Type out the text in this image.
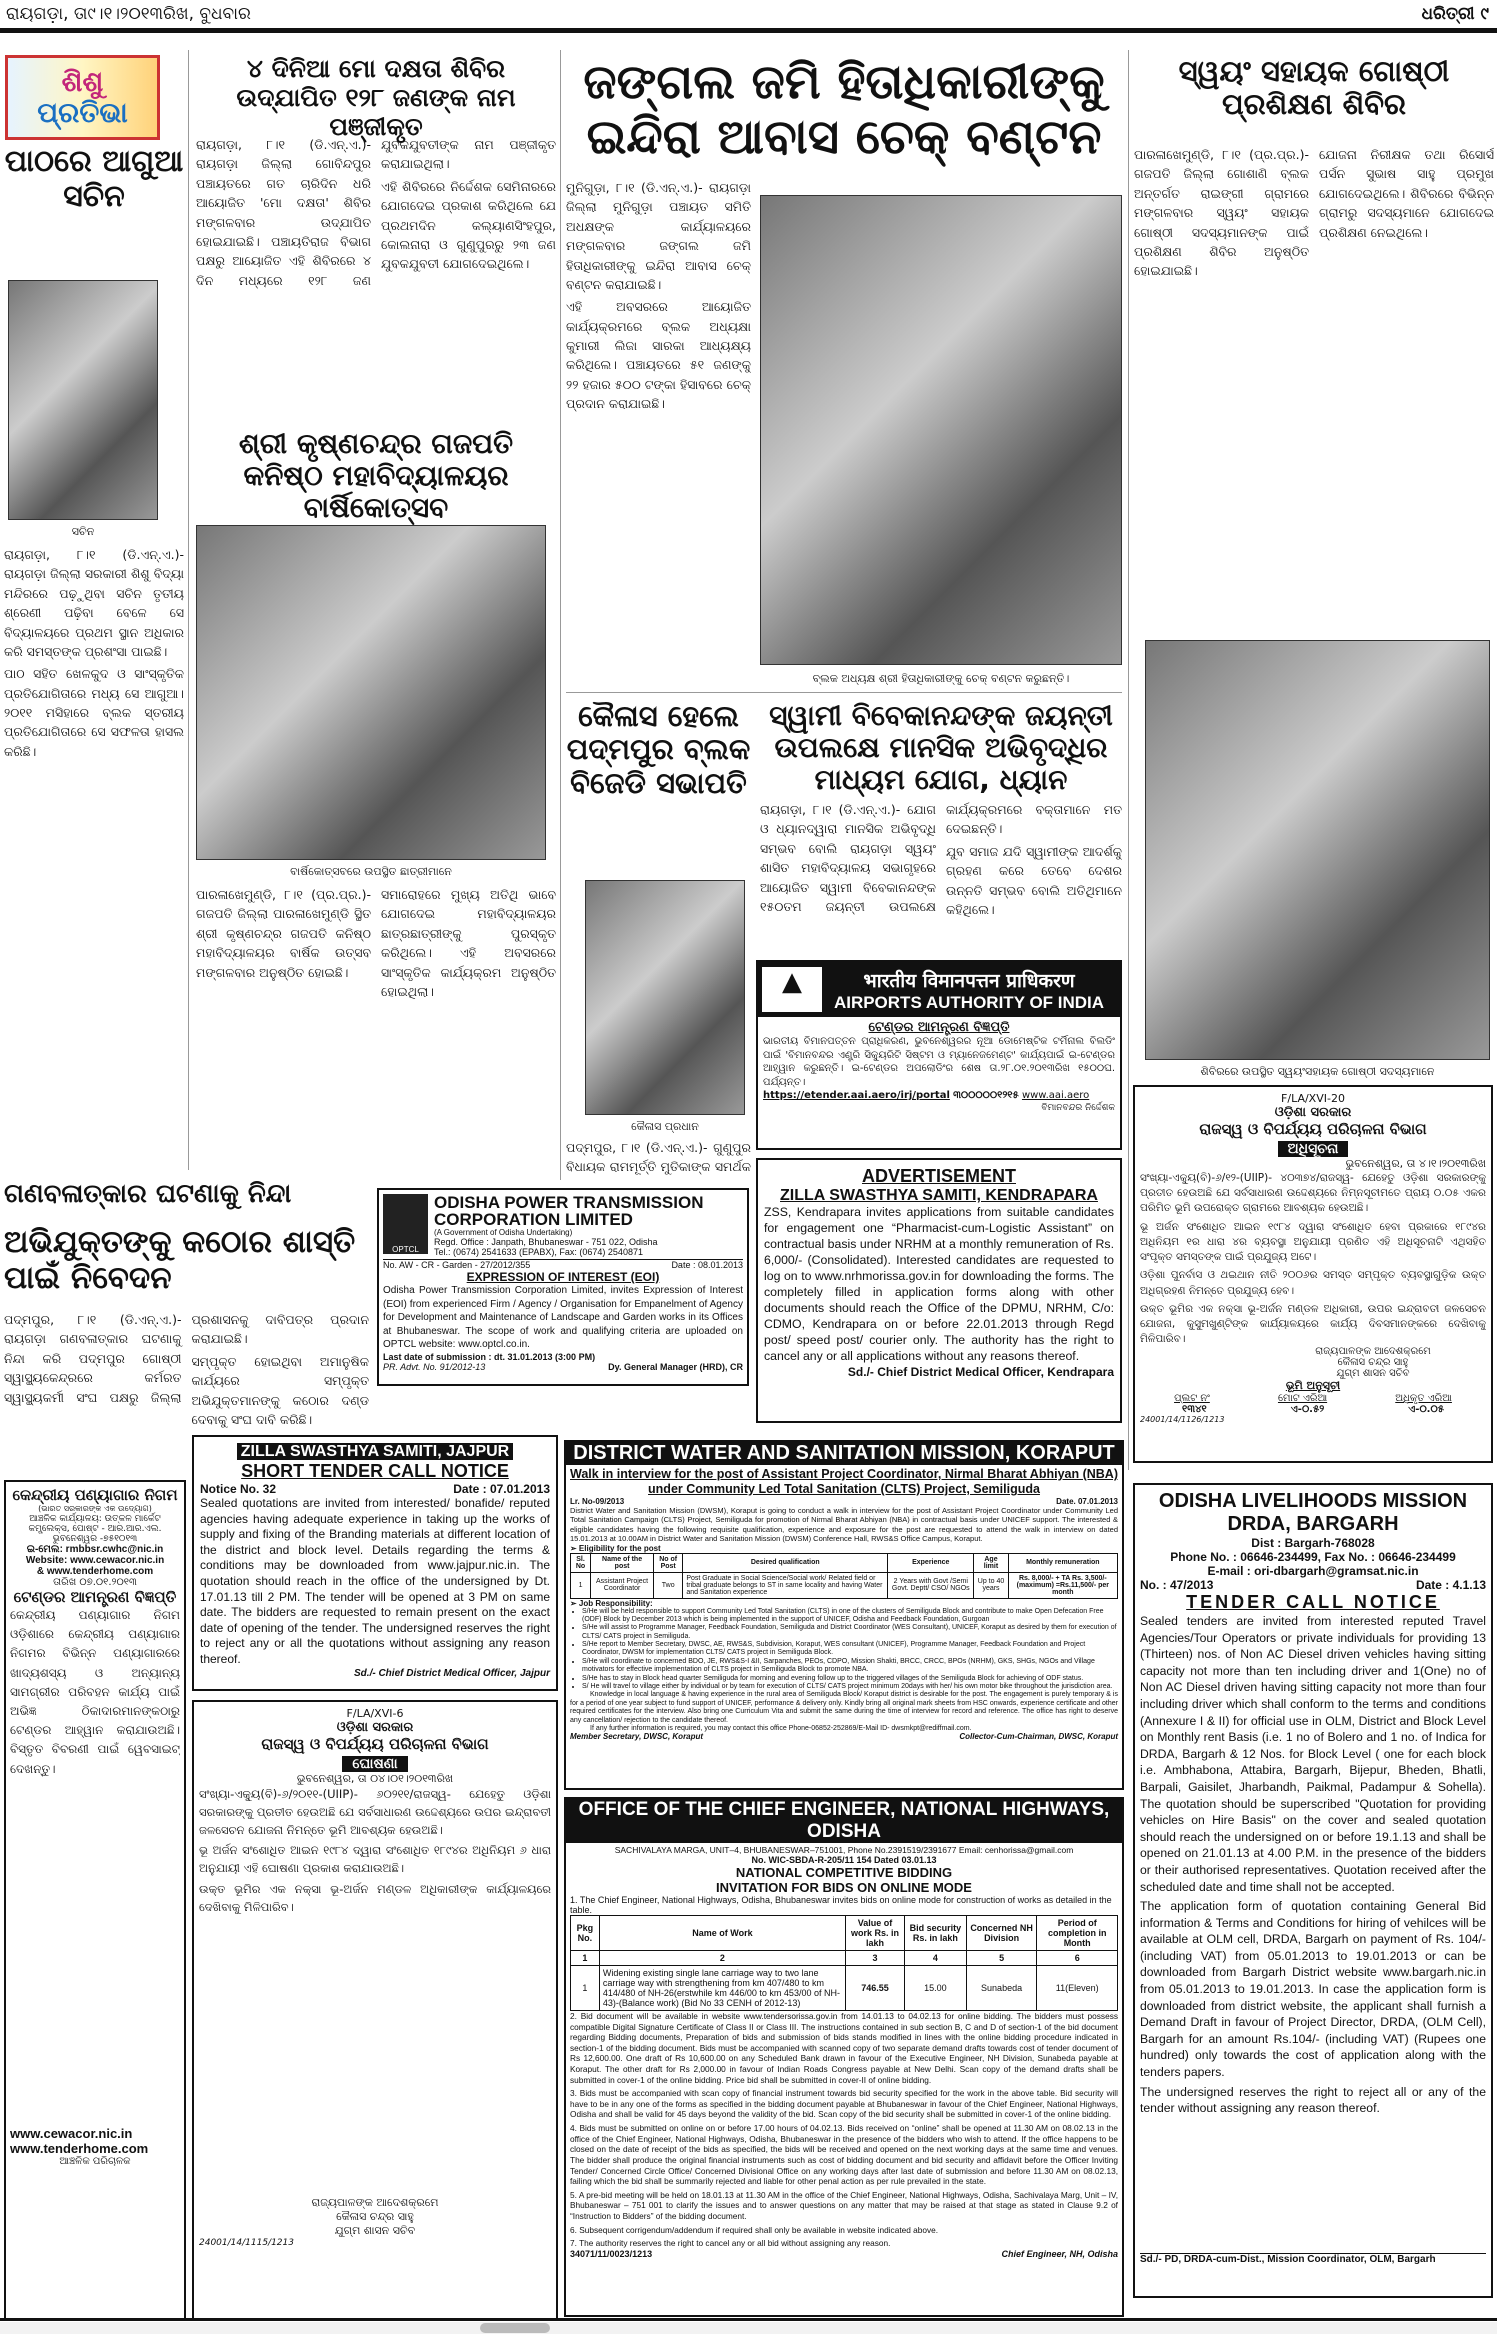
ରାୟଗଡ଼ା, ତା୯।୧।୨୦୧୩ରିଖ, ବୁଧବାର	ଧରିତ୍ରୀ ୯
ଶିଶୁ
ପ୍ରତିଭା
ପାଠରେ ଆଗୁଆ ସଚିନ
ସଚିନ

ରାୟଗଡ଼ା, ୮।୧ (ଡି.ଏନ୍.ଏ.)- ରାୟଗଡ଼ା ଜିଲ୍ଲା ସରକାରୀ ଶିଶୁ ବିଦ୍ୟା ମନ୍ଦିରରେ ପଢ଼ୁଥିବା ସଚିନ ତୃତୀୟ ଶ୍ରେଣୀ ପଢ଼ିବା ବେଳେ ସେ ବିଦ୍ୟାଳୟରେ ପ୍ରଥମ ସ୍ଥାନ ଅଧିକାର କରି ସମସ୍ତଙ୍କ ପ୍ରଶଂସା ପାଇଛି।

ପାଠ ସହିତ ଖେଳକୁଦ ଓ ସାଂସ୍କୃତିକ ପ୍ରତିଯୋଗିତାରେ ମଧ୍ୟ ସେ ଆଗୁଆ। ୨୦୧୧ ମସିହାରେ ବ୍ଲକ ସ୍ତରୀୟ ପ୍ରତିଯୋଗିତାରେ ସେ ସଫଳତା ହାସଲ କରିଛି।

୪ ଦିନିଆ ମୋ ଦକ୍ଷତା ଶିବିର ଉଦ୍‌ଯାପିତ ୧୨୮ ଜଣଙ୍କ ନାମ ପଞ୍ଜୀକୃତ

ରାୟଗଡ଼ା, ୮।୧ (ଡି.ଏନ୍.ଏ.)- ରାୟଗଡ଼ା ଜିଲ୍ଲା ଗୋବିନ୍ଦପୁର ପଞ୍ଚାୟତରେ ଗତ ଚାରିଦିନ ଧରି ଆୟୋଜିତ 'ମୋ ଦକ୍ଷତା' ଶିବିର ମଙ୍ଗଳବାର ଉଦ୍‌ଯାପିତ ହୋଇଯାଇଛି। ପଞ୍ଚାୟତିରାଜ ବିଭାଗ ପକ୍ଷରୁ ଆୟୋଜିତ ଏହି ଶିବିରରେ ୪ ଦିନ ମଧ୍ୟରେ ୧୨୮ ଜଣ ଯୁବକଯୁବତୀଙ୍କ ନାମ ପଞ୍ଜୀକୃତ କରାଯାଇଥିଲା।

ଏହି ଶିବିରରେ ନିର୍ଦ୍ଦେଶକ ସେମିନାରରେ ଯୋଗଦେଇ ପ୍ରକାଶ କରିଥିଲେ ଯେ ପ୍ରଥମଦିନ କଲ୍ୟାଣସିଂହପୁର, କୋଲନାରା ଓ ଗୁଣୁପୁରରୁ ୨୩ ଜଣ ଯୁବକଯୁବତୀ ଯୋଗଦେଇଥିଲେ।

ଶ୍ରୀ କୃଷ୍ଣଚନ୍ଦ୍ର ଗଜପତି କନିଷ୍ଠ ମହାବିଦ୍ୟାଳୟର ବାର୍ଷିକୋତ୍ସବ
ବାର୍ଷିକୋତ୍ସବରେ ଉପସ୍ଥିତ ଛାତ୍ରୀମାନେ

ପାରଳାଖେମୁଣ୍ଡି, ୮।୧ (ପ୍ର.ପ୍ର.)- ଗଜପତି ଜିଲ୍ଲା ପାରଳାଖେମୁଣ୍ଡି ସ୍ଥିତ ଶ୍ରୀ କୃଷ୍ଣଚନ୍ଦ୍ର ଗଜପତି କନିଷ୍ଠ ମହାବିଦ୍ୟାଳୟର ବାର୍ଷିକ ଉତ୍ସବ ମଙ୍ଗଳବାର ଅନୁଷ୍ଠିତ ହୋଇଛି।

ସମାରୋହରେ ମୁଖ୍ୟ ଅତିଥି ଭାବେ ଯୋଗଦେଇ ମହାବିଦ୍ୟାଳୟର ଛାତ୍ରଛାତ୍ରୀଙ୍କୁ ପୁରସ୍କୃତ କରିଥିଲେ। ଏହି ଅବସରରେ ସାଂସ୍କୃତିକ କାର୍ଯ୍ୟକ୍ରମ ଅନୁଷ୍ଠିତ ହୋଇଥିଲା।

ଜଙ୍ଗଲ ଜମି ହିତାଧିକାରୀଙ୍କୁ ଇନ୍ଦିରା ଆବାସ ଚେକ୍ ବଣ୍ଟନ

ମୁନିଗୁଡ଼ା, ୮।୧ (ଡି.ଏନ୍.ଏ.)- ରାୟଗଡ଼ା ଜିଲ୍ଲା ମୁନିଗୁଡ଼ା ପଞ୍ଚାୟତ ସମିତି ଅଧକ୍ଷଙ୍କ କାର୍ଯ୍ୟାଳୟରେ ମଙ୍ଗଳବାର ଜଙ୍ଗଲ ଜମି ହିତାଧିକାରୀଙ୍କୁ ଇନ୍ଦିରା ଆବାସ ଚେକ୍ ବଣ୍ଟନ କରାଯାଇଛି।

ଏହି ଅବସରରେ ଆୟୋଜିତ କାର୍ଯ୍ୟକ୍ରମରେ ବ୍ଲକ ଅଧ୍ୟକ୍ଷା କୁମାରୀ ଲିଜା ସାରକା ଆଧ୍ୟକ୍ଷ୍ୟ କରିଥିଲେ। ପଞ୍ଚାୟତରେ ୫୧ ଜଣଙ୍କୁ ୨୨ ହଜାର ୫୦୦ ଟଙ୍କା ହିସାବରେ ଚେକ୍ ପ୍ରଦାନ କରାଯାଇଛି।

ବ୍ଲକ ଅଧ୍ୟକ୍ଷ ଶ୍ରୀ ହିତାଧିକାରୀଙ୍କୁ ଚେକ୍ ବଣ୍ଟନ କରୁଛନ୍ତି।
କୈଳାସ ହେଲେ ପଦ୍ମପୁର ବ୍ଲକ ବିଜେଡି ସଭାପତି
ସ୍ୱାମୀ ବିବେକାନନ୍ଦଙ୍କ ଜୟନ୍ତୀ ଉପଲକ୍ଷେ ମାନସିକ ଅଭିବୃଦ୍ଧିର ମାଧ୍ୟମ ଯୋଗ, ଧ୍ୟାନ
କୈଳାସ ପ୍ରଧାନ

ପଦ୍ମପୁର, ୮।୧ (ଡି.ଏନ୍.ଏ.)- ଗୁଣୁପୁର ବିଧାୟକ ରାମମୂର୍ତ୍ତି ମୁତିକାଙ୍କ ସମର୍ଥକ

ରାୟଗଡ଼ା, ୮।୧ (ଡି.ଏନ୍.ଏ.)- ଯୋଗ ଓ ଧ୍ୟାନଦ୍ୱାରା ମାନସିକ ଅଭିବୃଦ୍ଧି ସମ୍ଭବ ବୋଲି ରାୟଗଡ଼ା ସ୍ୱୟଂ ଶାସିତ ମହାବିଦ୍ୟାଳୟ ସଭାଗୃହରେ ଆୟୋଜିତ ସ୍ୱାମୀ ବିବେକାନନ୍ଦଙ୍କ ୧୫୦ତମ ଜୟନ୍ତୀ ଉପଲକ୍ଷେ କାର୍ଯ୍ୟକ୍ରମରେ ବକ୍ତାମାନେ ମତ ଦେଇଛନ୍ତି।

ଯୁବ ସମାଜ ଯଦି ସ୍ୱାମୀଙ୍କ ଆଦର୍ଶକୁ ଗ୍ରହଣ କରେ ତେବେ ଦେଶର ଉନ୍ନତି ସମ୍ଭବ ବୋଲି ଅତିଥିମାନେ କହିଥିଲେ।

▲	भारतीय विमानपत्तन प्राधिकरण
AIRPORTS AUTHORITY OF INDIA
ଟେଣ୍ଡର ଆମନ୍ତ୍ରଣ ବିଜ୍ଞପ୍ତି
ଭାରତୀୟ ବିମାନପତ୍ତନ ପ୍ରାଧିକରଣ, ଭୁବନେଶ୍ୱରର ନୂଆ ଡୋମେଷ୍ଟିକ ଟର୍ମିନାଲ ବିଲଡିଂ ପାଇଁ 'ବିମାନବନ୍ଦର ଏଣ୍ଟ୍ରି ସିକ୍ୟୁରିଟି ସିଷ୍ଟମ ଓ ମ୍ୟାନେଜମେଣ୍ଟ' କାର୍ଯ୍ୟପାଇଁ ଇ-ଟେଣ୍ଡର ଆହ୍ୱାନ କରୁଛନ୍ତି। ଇ-ଟେଣ୍ଡର ଅପଲୋଡିଂର ଶେଷ ତା.୨୮.୦୧.୨୦୧୩ରିଖ ୧୫୦୦ଘ. ପର୍ଯ୍ୟନ୍ତ।
https://etender.aai.aero/irj/portal ୩୦୦୦୦୦୧୨୧୫ www.aai.aero
ବିମାନବନ୍ଦର ନିର୍ଦ୍ଦେଶକ
ADVERTISEMENT
ZILLA SWASTHYA SAMITI, KENDRAPARA
ZSS, Kendrapara invites applications from suitable candidates for engagement one “Pharmacist-cum-Logistic Assistant” on contractual basis under NRHM at a monthly remuneration of Rs. 6,000/- (Consolidated). Interested candidates are requested to log on to www.nrhmorissa.gov.in for downloading the forms. The completely filled in application forms along with other documents should reach the Office of the DPMU, NRHM, C/o: CDMO, Kendrapara on or before 22.01.2013 through Regd post/ speed post/ courier only. The authority has the right to cancel any or all applications without any reasons thereof.
Sd./- Chief District Medical Officer, Kendrapara
ଗଣବଳାତ୍କାର ଘଟଣାକୁ ନିନ୍ଦା
ଅଭିଯୁକ୍ତଙ୍କୁ କଠୋର ଶାସ୍ତି ପାଇଁ ନିବେଦନ

ପଦ୍ମପୁର, ୮।୧ (ଡି.ଏନ୍.ଏ.)- ରାୟଗଡ଼ା ଗଣବଳାତ୍କାର ଘଟଣାକୁ ନିନ୍ଦା କରି ପଦ୍ମପୁର ଗୋଷ୍ଠୀ ସ୍ୱାସ୍ଥ୍ୟକେନ୍ଦ୍ରରେ କର୍ମରତ ସ୍ୱାସ୍ଥ୍ୟକର୍ମୀ ସଂଘ ପକ୍ଷରୁ ଜିଲ୍ଲା ପ୍ରଶାସନକୁ ଦାବିପତ୍ର ପ୍ରଦାନ କରାଯାଇଛି।

ସମ୍ପୃକ୍ତ ହୋଇଥିବା ଅମାନୁଷିକ କାର୍ଯ୍ୟରେ ସମ୍ପୃକ୍ତ ଅଭିଯୁକ୍ତମାନଙ୍କୁ କଠୋର ଦଣ୍ଡ ଦେବାକୁ ସଂଘ ଦାବି କରିଛି।

OPTCL
ODISHA POWER TRANSMISSION
CORPORATION LIMITED
(A Government of Odisha Undertaking)
Regd. Office : Janpath, Bhubaneswar - 751 022, Odisha
Tel.: (0674) 2541633 (EPABX), Fax: (0674) 2540871
No. AW - CR - Garden - 27/2012/355	Date : 08.01.2013
EXPRESSION OF INTEREST (EOI)
Odisha Power Transmission Corporation Limited, invites Expression of Interest (EOI) from experienced Firm / Agency / Organisation for Empanelment of Agency for Development and Maintenance of Landscape and Garden works in its Offices at Bhubaneswar. The scope of work and qualifying criteria are uploaded on OPTCL website: www.optcl.co.in.
Last date of submission : dt. 31.01.2013 (3:00 PM)
PR. Advt. No. 91/2012-13	Dy. General Manager (HRD), CR
ZILLA SWASTHYA SAMITI, JAJPUR
SHORT TENDER CALL NOTICE
Notice No. 32	Date : 07.01.2013
Sealed quotations are invited from interested/ bonafide/ reputed agencies having adequate experience in taking up the works of supply and fixing of the Branding materials at different location of the district and block level. Details regarding the terms & conditions may be downloaded from www.jajpur.nic.in. The quotation should reach in the office of the undersigned by Dt. 17.01.13 till 2 PM. The tender will be opened at 3 PM on same date. The bidders are requested to remain present on the exact date of opening of the tender. The undersigned reserves the right to reject any or all the quotations without assigning any reason thereof.
Sd./- Chief District Medical Officer, Jajpur
କେନ୍ଦ୍ରୀୟ ପଣ୍ୟାଗାର ନିଗମ
(ଭାରତ ସରକାରଙ୍କ ଏକ ଉଦ୍ୟୋଗ)
ଆଞ୍ଚଳିକ କାର୍ଯ୍ୟାଳୟ: ଉତ୍କଳ ମାର୍କେଟ କମ୍ପ୍ଲେକ୍ସ, ପୋଷ୍ଟ - ଆର.ଆର.ଏଲ. ଭୁବନେଶ୍ୱର -୭୫୧୦୧୩
ଇ-ମେଲ: rmbbsr.cwhc@nic.in
Website: www.cewacor.nic.in
& www.tenderhome.com
ତାରିଖ ୦୭.୦୧.୨୦୧୩
ଟେଣ୍ଡର ଆମନ୍ତ୍ରଣ ବିଜ୍ଞପ୍ତି
କେନ୍ଦ୍ରୀୟ ପଣ୍ୟାଗାର ନିଗମ ଓଡ଼ିଶାରେ କେନ୍ଦ୍ରୀୟ ପଣ୍ୟାଗାର ନିଗମର ବିଭିନ୍ନ ପଣ୍ୟାଗାରରେ ଖାଦ୍ୟଶସ୍ୟ ଓ ଅନ୍ୟାନ୍ୟ ସାମଗ୍ରୀର ପରିବହନ କାର୍ଯ୍ୟ ପାଇଁ ଅଭିଜ୍ଞ ଠିକାଦାରମାନଙ୍କଠାରୁ ଟେଣ୍ଡର ଆହ୍ୱାନ କରାଯାଉଅଛି। ବିସ୍ତୃତ ବିବରଣୀ ପାଇଁ ୱେବସାଇଟ୍ ଦେଖନ୍ତୁ।
www.cewacor.nic.in
www.tenderhome.com
ଆଞ୍ଚଳିକ ପରିଚାଳକ
F/LA/XVI-6
ଓଡ଼ିଶା ସରକାର
ରାଜସ୍ୱ ଓ ବିପର୍ଯ୍ୟୟ ପରିଚାଳନା ବିଭାଗ
ଘୋଷଣା
ଭୁବନେଶ୍ୱର, ତା ୦୪।୦୧।୨୦୧୩ରିଖ

ସଂଖ୍ୟା-ଏକ୍ୟୁ(ବି)-୬/୨୦୧୧-(UIIP)- ୬୦୨୧୧/ରାଜସ୍ୱ- ଯେହେତୁ ଓଡ଼ିଶା ସରକାରଙ୍କୁ ପ୍ରତୀତ ହେଉଅଛି ଯେ ସର୍ବସାଧାରଣ ଉଦ୍ଦେଶ୍ୟରେ ଉପର ଇନ୍ଦ୍ରାବତୀ ଜଳସେଚନ ଯୋଜନା ନିମନ୍ତେ ଭୂମି ଆବଶ୍ୟକ ହେଉଅଛି।

ଭୂ ଅର୍ଜନ ସଂଶୋଧିତ ଆଇନ ୧୯୮୪ ଦ୍ୱାରା ସଂଶୋଧିତ ୧୮୯୪ର ଅଧିନିୟମ ୬ ଧାରା ଅନୁଯାୟୀ ଏହି ଘୋଷଣା ପ୍ରକାଶ କରାଯାଉଅଛି।

ଉକ୍ତ ଭୂମିର ଏକ ନକ୍ସା ଭୂ-ଅର୍ଜନ ମଣ୍ଡଳ ଅଧିକାରୀଙ୍କ କାର୍ଯ୍ୟାଳୟରେ ଦେଖିବାକୁ ମିଳିପାରିବ।

ରାଜ୍ୟପାଳଙ୍କ ଆଦେଶକ୍ରମେ
କୈଳାସ ଚନ୍ଦ୍ର ସାହୁ
ଯୁଗ୍ମ ଶାସନ ସଚିବ
24001/14/1115/1213
DISTRICT WATER AND SANITATION MISSION, KORAPUT
Walk in interview for the post of Assistant Project Coordinator, Nirmal Bharat Abhiyan (NBA) under Community Led Total Sanitation (CLTS) Project, Semiliguda
Lr. No-09/2013	Date. 07.01.2013
District Water and Sanitation Mission (DWSM), Koraput is going to conduct a walk in interview for the post of Assistant Project Coordinator under Community Led Total Sanitation Campaign (CLTS) Project, Semiliguda for promotion of Nirmal Bharat Abhiyan (NBA) in contractual basis under UNICEF support. The interested & eligible candidates having the following requisite qualification, experience and exposure for the post are requested to attend the walk in interview on dated 15.01.2013 at 10.00AM in District Water and Sanitation Mission (DWSM) Conference Hall, RWS&S Office Campus, Koraput.
➢ Eligibility for the post
Sl. No	Name of the post	No of Post	Desired qualification	Experience	Age limit	Monthly remuneration
1	Assistant Project Coordinator	Two	Post Graduate in Social Science/Social work/ Related field or tribal graduate belongs to ST in same locality and having Water and Sanitation experience	2 Years with Govt /Semi Govt. Deptt/ CSO/ NGOs	Up to 40 years	Rs. 8,000/- + TA Rs. 3,500/- (maximum) =Rs.11,500/- per month
➢ Job Responsibility:
• S/He will be held responsible to support Community Led Total Sanitation (CLTS) in one of the clusters of Semiliguda Block and contribute to make Open Defecation Free (ODF) Block by December 2013 which is being implemented in the support of UNICEF, Odisha and Feedback Foundation, Gurgoan
• S/He will assist to Programme Manager, Feedback Foundation, Semiliguda and District Coordinator (WES Consultant), UNICEF, Koraput as desired by them for execution of CLTS/ CATS project in Semiliguda.
• S/He report to Member Secretary, DWSC, AE, RWS&S, Subdivision, Koraput, WES consultant (UNICEF), Programme Manager, Feedback Foundation and Project Coordinator, DWSM for implementation CLTS/ CATS project in Semiliguda Block.
• S/He will coordinate to concerned BDO, JE, RWS&S-I &II, Sarpanches, PEOs, CDPO, Mission Shakti, BRCC, CRCC, BPOs (NRHM), GKS, SHGs, NGOs and Village motivators for effective implementation of CLTS project in Semiliguda Block to promote NBA.
• S/He has to stay in Block head quarter Semiliguda for morning and evening follow up to the triggered villages of the Semiliguda Block for achieving of ODF status.
• S/ He will travel to village either by individual or by team for execution of CLTS/ CATS project minimum 20days with her/ his own motor bike throughout the jurisdiction area.
Knowledge in local language & having experience in the rural area of Semiliguda Block/ Koraput district is desirable for the post. The engagement is purely temporary & is for a period of one year subject to fund support of UNICEF, performance & delivery only. Kindly bring all original mark sheets from HSC onwards, experience certificate and other required certificates for the interview. Also bring one Curriculum Vita and submit the same during the time of interview for record and reference. The office has right to deserve any cancellation/ rejection to the candidate thereof.
If any further information is required, you may contact this office Phone-06852-252869/E-Mail ID- dwsmkpt@rediffmail.com.
Member Secretary, DWSC, Koraput	Collector-Cum-Chairman, DWSC, Koraput
OFFICE OF THE CHIEF ENGINEER, NATIONAL HIGHWAYS, ODISHA
SACHIVALAYA MARGA, UNIT–4, BHUBANESWAR–751001, Phone No.2391519/2391677 Email: cenhorissa@gmail.com
No. WIC-SBDA-R-205/11 154 Dated 03.01.13
NATIONAL COMPETITIVE BIDDING
INVITATION FOR BIDS ON ONLINE MODE
1. The Chief Engineer, National Highways, Odisha, Bhubaneswar invites bids on online mode for construction of works as detailed in the table.
Pkg No.	Name of Work	Value of work Rs. in lakh	Bid security Rs. in lakh	Concerned NH Division	Period of completion in Month
1	2	3	4	5	6
1	Widening existing single lane carriage way to two lane carriage way with strengthening from km 407/480 to km 414/480 of NH-26(erstwhile km 446/00 to km 453/00 of NH-43)-(Balance work) (Bid No 33 CENH of 2012-13)	746.55	15.00	Sunabeda	11(Eleven)

2. Bid document will be available in website www.tendersorissa.gov.in from 14.01.13 to 04.02.13 for online bidding. The bidders must possess compatible Digital Signature Certificate of Class II or Class III. The instructions contained in sub section B, C and D of section-1 of the bid document regarding Bidding documents, Preparation of bids and submission of bids stands modified in lines with the online bidding procedure indicated in section-1 of the bidding document. Bids must be accompanied with scanned copy of two separate demand drafts towards cost of tender document of Rs 12,600.00. One draft of Rs 10,600.00 on any Scheduled Bank drawn in favour of the Executive Engineer, NH Division, Sunabeda payable at Koraput. The other draft for Rs 2,000.00 in favour of Indian Roads Congress payable at New Delhi. Scan copy of the demand drafts shall be submitted in cover-1 of the online bidding. Price bid shall be submitted in cover-II of online bidding.

3. Bids must be accompanied with scan copy of financial instrument towards bid security specified for the work in the above table. Bid security will have to be in any one of the forms as specified in the bidding document payable at Bhubaneswar in favour of the Chief Engineer, National Highways, Odisha and shall be valid for 45 days beyond the validity of the bid. Scan copy of the bid security shall be submitted in cover-1 of the online bidding.

4. Bids must be submitted on online on or before 17.00 hours of 04.02.13. Bids received on “online” shall be opened at 11.30 AM on 08.02.13 in the office of the Chief Engineer, National Highways, Odisha, Bhubaneswar in the presence of the bidders who wish to attend. If the office happens to be closed on the date of receipt of the bids as specified, the bids will be received and opened on the next working days at the same time and venues. The bidder shall produce the original financial instruments such as cost of bidding document and bid security and affidavit before the Officer Inviting Tender/ Concerned Circle Office/ Concerned Divisional Office on any working days after last date of submission and before 11.30 AM on 08.02.13, failing which the bid shall be summarily rejected and liable for other penal action as per rule prevailed in the state.

5. A pre-bid meeting will be held on 18.01.13 at 11.30 AM in the office of the Chief Engineer, National Highways, Odisha, Sachivalaya Marg, Unit – IV, Bhubaneswar – 751 001 to clarify the issues and to answer questions on any matter that may be raised at that stage as stated in Clause 9.2 of “Instruction to Bidders” of the bidding document.

6. Subsequent corrigendum/addendum if required shall only be available in website indicated above.

7. The authority reserves the right to cancel any or all bid without assigning any reason.

34071/11/0023/1213	Chief Engineer, NH, Odisha
ସ୍ୱୟଂ ସହାୟକ ଗୋଷ୍ଠୀ ପ୍ରଶିକ୍ଷଣ ଶିବିର

ପାରଳାଖେମୁଣ୍ଡି, ୮।୧ (ପ୍ର.ପ୍ର.)- ଗଜପତି ଜିଲ୍ଲା ଗୋଶାଣି ବ୍ଲକ ଅନ୍ତର୍ଗତ ରାଇଙ୍ଗୀ ଗ୍ରାମରେ ମଙ୍ଗଳବାର ସ୍ୱୟଂ ସହାୟକ ଗୋଷ୍ଠୀ ସଦସ୍ୟମାନଙ୍କ ପାଇଁ ପ୍ରଶିକ୍ଷଣ ଶିବିର ଅନୁଷ୍ଠିତ ହୋଇଯାଇଛି।

ଯୋଜନା ନିରୀକ୍ଷକ ତଥା ରିସୋର୍ସ ପର୍ସନ ସୁଭାଷ ସାହୁ ପ୍ରମୁଖ ଯୋଗଦେଇଥିଲେ। ଶିବିରରେ ବିଭିନ୍ନ ଗ୍ରାମରୁ ସଦସ୍ୟମାନେ ଯୋଗଦେଇ ପ୍ରଶିକ୍ଷଣ ନେଇଥିଲେ।

ଶିବିରରେ ଉପସ୍ଥିତ ସ୍ୱୟଂସହାୟକ ଗୋଷ୍ଠୀ ସଦସ୍ୟମାନେ
F/LA/XVI-20
ଓଡ଼ିଶା ସରକାର
ରାଜସ୍ୱ ଓ ବିପର୍ଯ୍ୟୟ ପରିଚାଳନା ବିଭାଗ
ଅଧିସୂଚନା
ଭୁବନେଶ୍ୱର, ତା ୪।୧।୨୦୧୩ରିଖ

ସଂଖ୍ୟା-ଏକ୍ୟୁ(ବି)-୬/୧୨-(UIIP)- ୪୦୩୭୪/ରାଜସ୍ୱ- ଯେହେତୁ ଓଡ଼ିଶା ସରକାରଙ୍କୁ ପ୍ରତୀତ ହେଉଅଛି ଯେ ସର୍ବସାଧାରଣ ଉଦ୍ଦେଶ୍ୟରେ ନିମ୍ନସୂଚୀମତେ ପ୍ରାୟ ୦.୦୫ ଏକର ପରିମିତ ଭୂମି ଉପରୋକ୍ତ ଗ୍ରାମରେ ଆବଶ୍ୟକ ହେଉଅଛି।

ଭୂ ଅର୍ଜନ ସଂଶୋଧିତ ଆଇନ ୧୯୮୪ ଦ୍ୱାରା ସଂଶୋଧିତ ହେବା ପ୍ରକାରେ ୧୮୯୪ର ଅଧିନିୟମ ୧ର ଧାରା ୪ର ବ୍ୟବସ୍ଥା ଅନୁଯାୟୀ ପ୍ରଣିତ ଏହି ଅଧିସୂଚନାଟି ଏଥିସହିତ ସଂପୃକ୍ତ ସମସ୍ତଙ୍କ ପାଇଁ ପ୍ରଯୁଜ୍ୟ ଅଟେ।

ଓଡ଼ିଶା ପୁନର୍ବାସ ଓ ଥଇଥାନ ନୀତି ୨୦୦୬ର ସମସ୍ତ ସମ୍ପୃକ୍ତ ବ୍ୟବସ୍ଥାଗୁଡ଼ିକ ଉକ୍ତ ଅଧିଗ୍ରହଣ ନିମନ୍ତେ ପ୍ରଯୁଜ୍ୟ ହେବ।

ଉକ୍ତ ଭୂମିର ଏକ ନକ୍ସା ଭୂ-ଅର୍ଜନ ମଣ୍ଡଳ ଅଧିକାରୀ, ଉପର ଇନ୍ଦ୍ରାବତୀ ଜଳସେଚନ ଯୋଜନା, କୁସୁମଖୁଣ୍ଟିଙ୍କ କାର୍ଯ୍ୟାଳୟରେ କାର୍ଯ୍ୟ ଦିବସମାନଙ୍କରେ ଦେଖିବାକୁ ମିଳିପାରିବ।

ରାଜ୍ୟପାଳଙ୍କ ଆଦେଶକ୍ରମେ
କୈଳାସ ଚନ୍ଦ୍ର ସାହୁ
ଯୁଗ୍ମ ଶାସନ ସଚିବ
ଭୂମି ଅନୁସୂଚୀ
ପ୍ଲଟ ନଂ	ମୋଟ ଏରିଆ	ଅଧିକୃତ ଏରିଆ
୧୩୪୧	ଏ-୦.୫୨	ଏ-୦.୦୫
24001/14/1126/1213
ODISHA LIVELIHOODS MISSION
DRDA, BARGARH
Dist : Bargarh-768028
Phone No. : 06646-234499, Fax No. : 06646-234499
E-mail : ori-dbargarh@gramsat.nic.in
No. : 47/2013	Date : 4.1.13
TENDER CALL NOTICE

Sealed tenders are invited from interested reputed Travel Agencies/Tour Operators or private individuals for providing 13 (Thirteen) nos. of Non AC Diesel driven vehicles having sitting capacity not more than ten including driver and 1(One) no of Non AC Diesel driven having sitting capacity not more than four including driver which shall conform to the terms and conditions (Annexure I & II) for official use in OLM, District and Block Level on Monthly rent Basis (i.e. 1 no of Bolero and 1 no. of Indica for DRDA, Bargarh & 12 Nos. for Block Level ( one for each block i.e. Ambhabona, Attabira, Bargarh, Bijepur, Bheden, Bhatli, Barpali, Gaisilet, Jharbandh, Paikmal, Padampur & Sohella). The quotation should be superscribed "Quotation for providing vehicles on Hire Basis" on the cover and sealed quotation should reach the undersigned on or before 19.1.13 and shall be opened on 21.01.13 at 4.00 P.M. in the presence of the bidders or their authorised representatives. Quotation received after the scheduled date and time shall not be accepted.

The application form of quotation containing General Bid information & Terms and Conditions for hiring of vehilces will be available at OLM cell, DRDA, Bargarh on payment of Rs. 104/- (including VAT) from 05.01.2013 to 19.01.2013 or can be downloaded from Bargarh District website www.bargarh.nic.in from 05.01.2013 to 19.01.2013. In case the application form is downloaded from district website, the applicant shall furnish a Demand Draft in favour of Project Director, DRDA, (OLM Cell), Bargarh for an amount Rs.104/- (including VAT) (Rupees one hundred) only towards the cost of application along with the tenders papers.

The undersigned reserves the right to reject all or any of the tender without assigning any reason thereof.

Sd./- PD, DRDA-cum-Dist., Mission Coordinator, OLM, Bargarh
